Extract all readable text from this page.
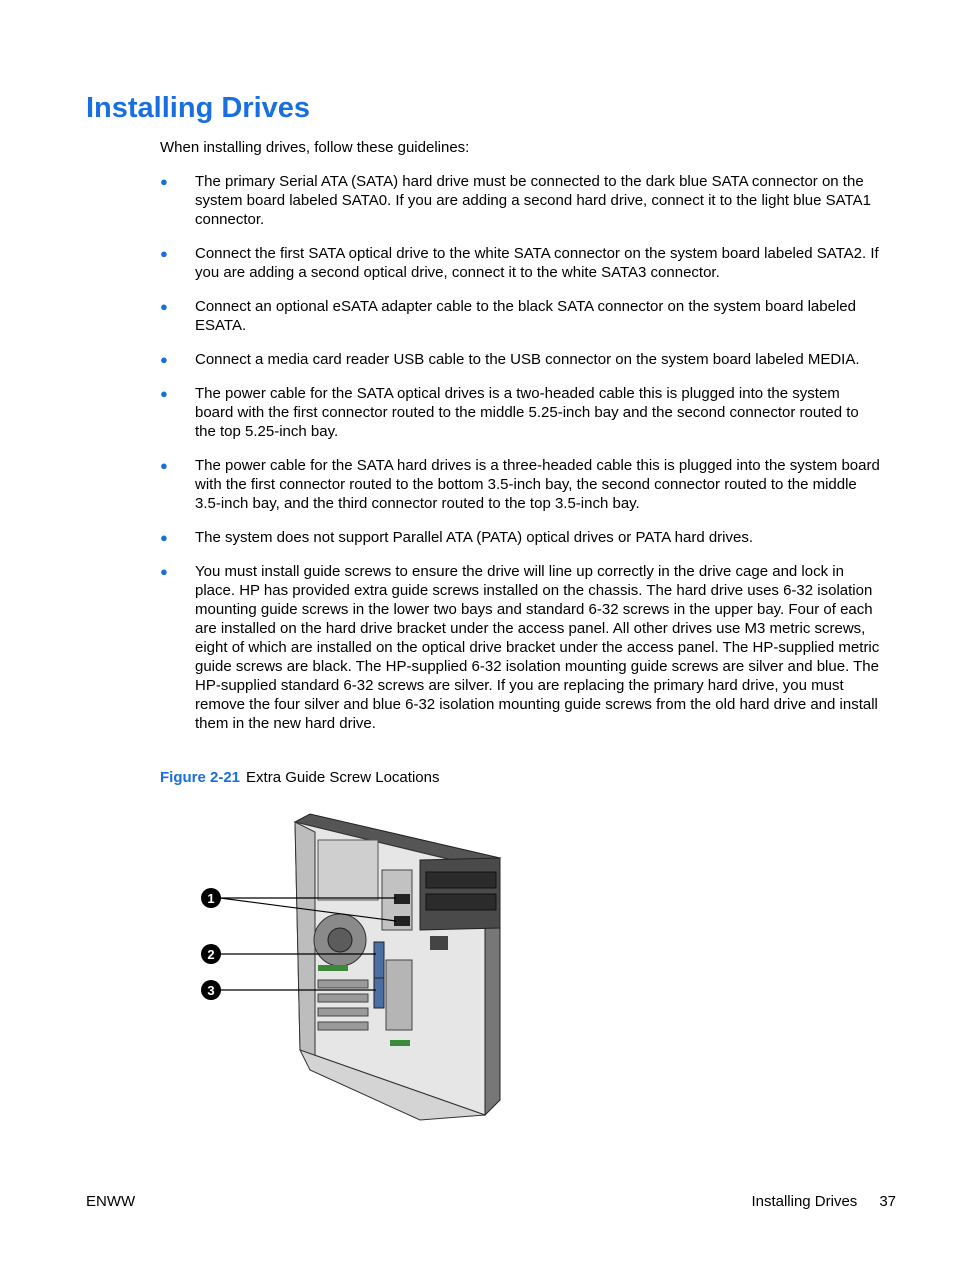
Installing Drives

When installing drives, follow these guidelines:

● The primary Serial ATA (SATA) hard drive must be connected to the dark blue SATA connector on the system board labeled SATA0. If you are adding a second hard drive, connect it to the light blue SATA1 connector.
● Connect the first SATA optical drive to the white SATA connector on the system board labeled SATA2. If you are adding a second optical drive, connect it to the white SATA3 connector.
● Connect an optional eSATA adapter cable to the black SATA connector on the system board labeled ESATA.
● Connect a media card reader USB cable to the USB connector on the system board labeled MEDIA.
● The power cable for the SATA optical drives is a two-headed cable this is plugged into the system board with the first connector routed to the middle 5.25-inch bay and the second connector routed to the top 5.25-inch bay.
● The power cable for the SATA hard drives is a three-headed cable this is plugged into the system board with the first connector routed to the bottom 3.5-inch bay, the second connector routed to the middle 3.5-inch bay, and the third connector routed to the top 3.5-inch bay.
● The system does not support Parallel ATA (PATA) optical drives or PATA hard drives.
● You must install guide screws to ensure the drive will line up correctly in the drive cage and lock in place. HP has provided extra guide screws installed on the chassis. The hard drive uses 6-32 isolation mounting guide screws in the lower two bays and standard 6-32 screws in the upper bay. Four of each are installed on the hard drive bracket under the access panel. All other drives use M3 metric screws, eight of which are installed on the optical drive bracket under the access panel. The HP-supplied metric guide screws are black. The HP-supplied 6-32 isolation mounting guide screws are silver and blue. The HP-supplied standard 6-32 screws are silver. If you are replacing the primary hard drive, you must remove the four silver and blue 6-32 isolation mounting guide screws from the old hard drive and install them in the new hard drive.

Figure 2-21 Extra Guide Screw Locations

1
2
3
ENWW	Installing Drives 37
